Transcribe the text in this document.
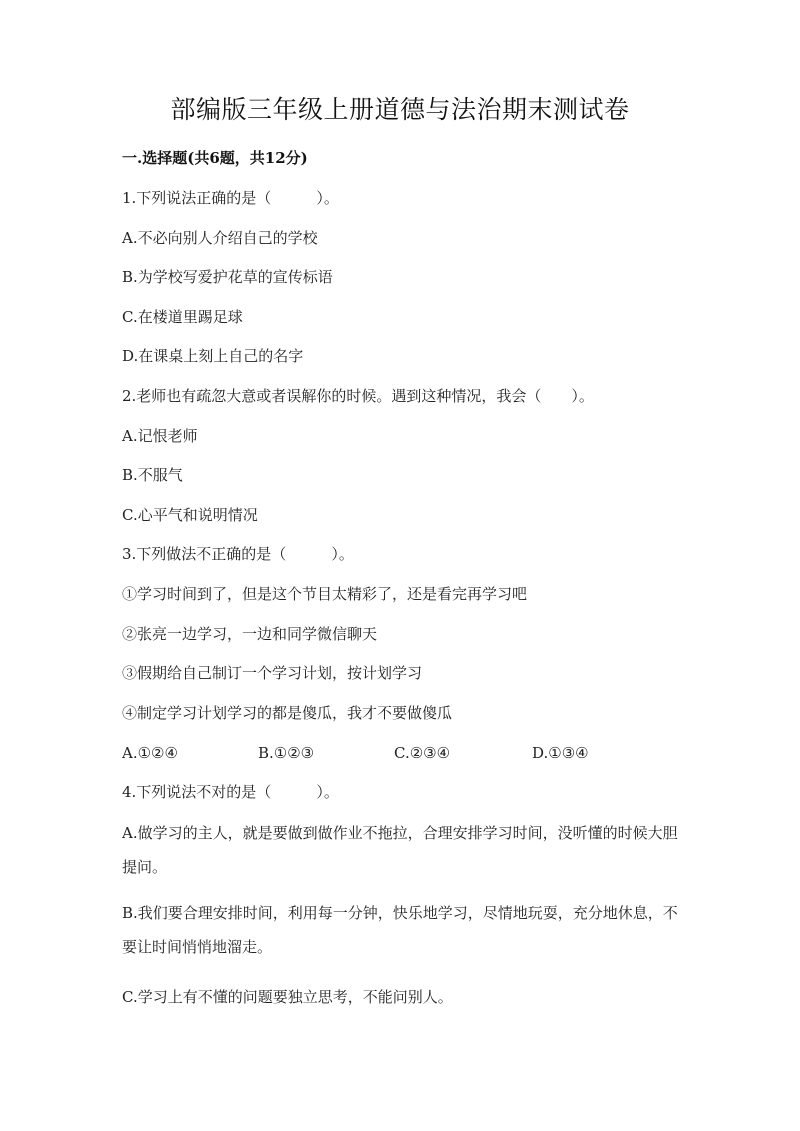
部编版三年级上册道德与法治期末测试卷
一.选择题(共6题，共12分)
1.下列说法正确的是（　　　）。
A.不必向别人介绍自己的学校
B.为学校写爱护花草的宣传标语
C.在楼道里踢足球
D.在课桌上刻上自己的名字
2.老师也有疏忽大意或者误解你的时候。遇到这种情况，我会（　　）。
A.记恨老师
B.不服气
C.心平气和说明情况
3.下列做法不正确的是（　　　）。
①学习时间到了，但是这个节目太精彩了，还是看完再学习吧
②张亮一边学习，一边和同学微信聊天
③假期给自己制订一个学习计划，按计划学习
④制定学习计划学习的都是傻瓜，我才不要做傻瓜
A.①②④	B.①②③	C.②③④	D.①③④
4.下列说法不对的是（　　　）。
A.做学习的主人，就是要做到做作业不拖拉，合理安排学习时间，没听懂的时候大胆提问。
B.我们要合理安排时间，利用每一分钟，快乐地学习，尽情地玩耍，充分地休息，不要让时间悄悄地溜走。
C.学习上有不懂的问题要独立思考，不能问别人。
